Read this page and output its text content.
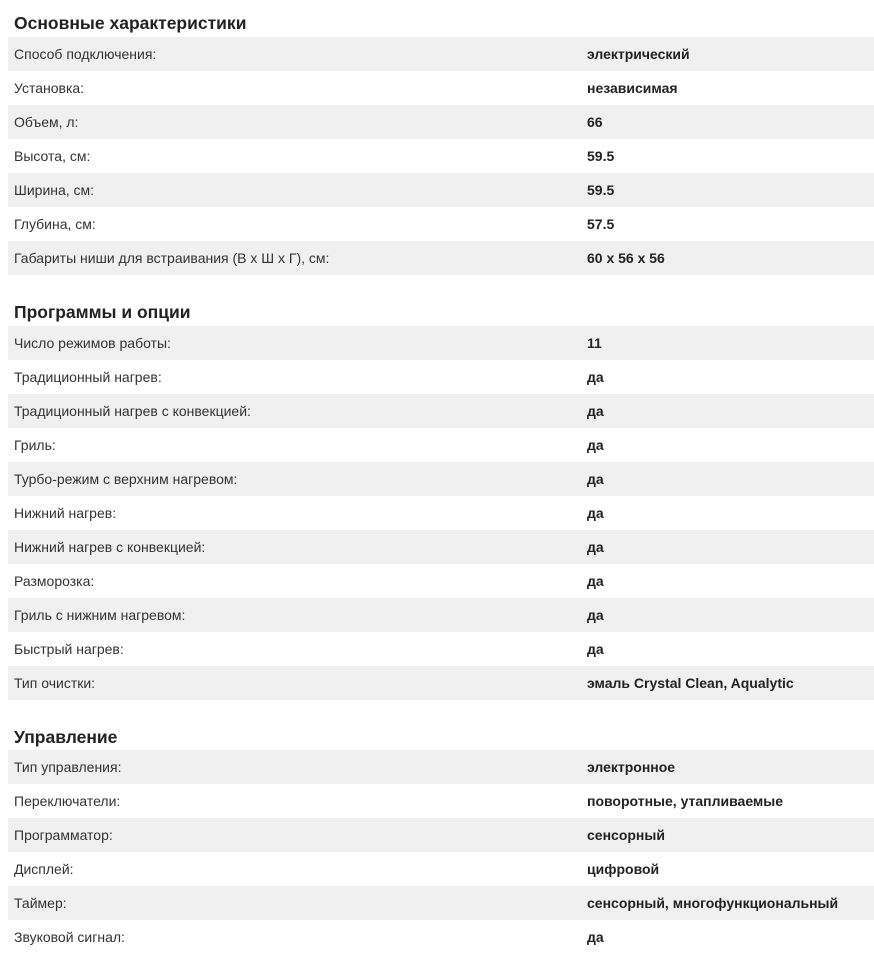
Основные характеристики
Способ подключения:	электрический
Установка:	независимая
Объем, л:	66
Высота, см:	59.5
Ширина, см:	59.5
Глубина, см:	57.5
Габариты ниши для встраивания (В х Ш х Г), см:	60 x 56 x 56
Программы и опции
Число режимов работы:	11
Традиционный нагрев:	да
Традиционный нагрев с конвекцией:	да
Гриль:	да
Турбо-режим с верхним нагревом:	да
Нижний нагрев:	да
Нижний нагрев с конвекцией:	да
Разморозка:	да
Гриль с нижним нагревом:	да
Быстрый нагрев:	да
Тип очистки:	эмаль Crystal Clean, Aqualytic
Управление
Тип управления:	электронное
Переключатели:	поворотные, утапливаемые
Программатор:	сенсорный
Дисплей:	цифровой
Таймер:	сенсорный, многофункциональный
Звуковой сигнал:	да
